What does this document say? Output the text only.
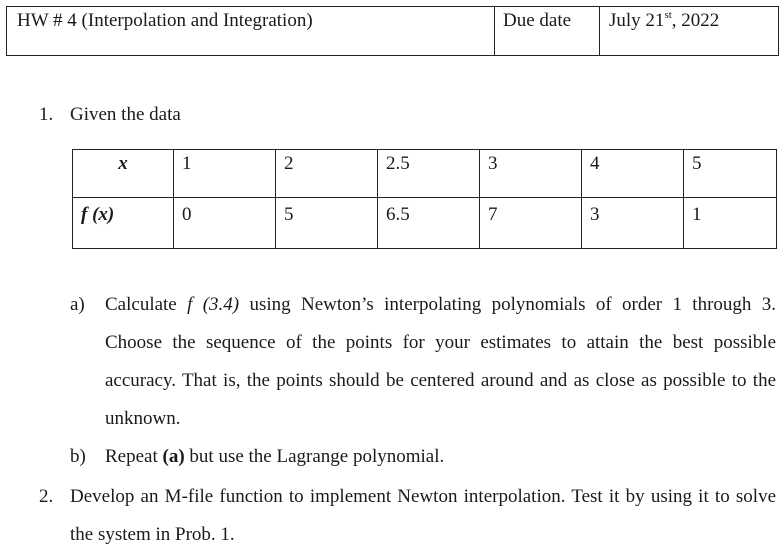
HW # 4 (Interpolation and Integration)	Due date	July 21st, 2022
1. Given the data
x	1	2	2.5	3	4	5
f (x)	0	5	6.5	7	3	1
a)	Calculate f (3.4) using Newton’s interpolating polynomials of order 1 through 3. Choose the sequence of the points for your estimates to attain the best possible accuracy. That is, the points should be centered around and as close as possible to the unknown.
b)	Repeat (a) but use the Lagrange polynomial.
2. Develop an M-file function to implement Newton interpolation. Test it by using it to solve the system in Prob. 1.
